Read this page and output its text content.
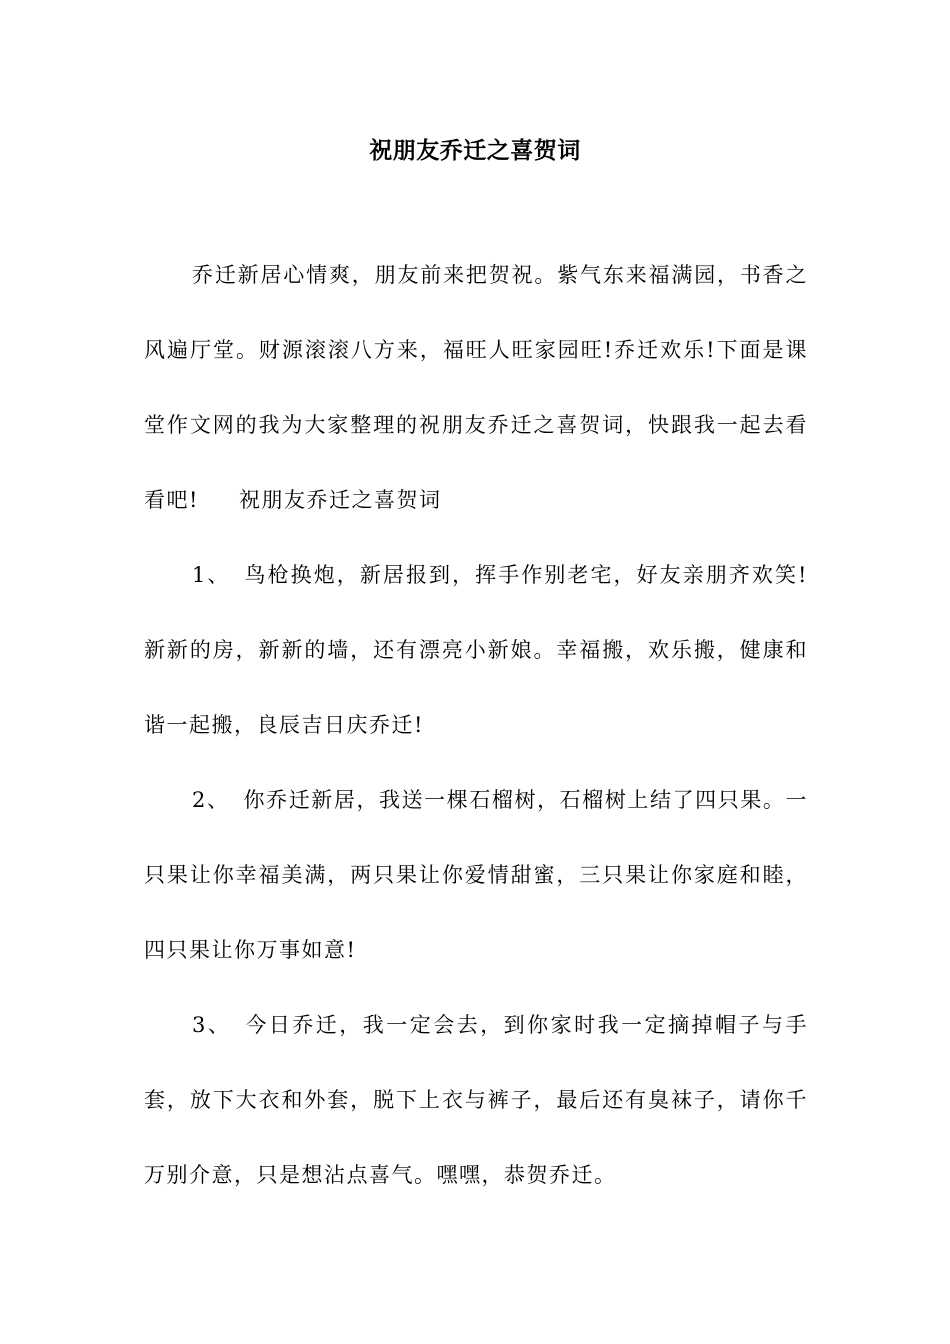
祝朋友乔迁之喜贺词

乔迁新居心情爽，朋友前来把贺祝。紫气东来福满园，书香之风遍厅堂。财源滚滚八方来，福旺人旺家园旺!乔迁欢乐!下面是课堂作文网的我为大家整理的祝朋友乔迁之喜贺词，快跟我一起去看看吧! 祝朋友乔迁之喜贺词

1、 鸟枪换炮，新居报到，挥手作别老宅，好友亲朋齐欢笑!新新的房，新新的墙，还有漂亮小新娘。幸福搬，欢乐搬，健康和谐一起搬，良辰吉日庆乔迁!

2、 你乔迁新居，我送一棵石榴树，石榴树上结了四只果。一只果让你幸福美满，两只果让你爱情甜蜜，三只果让你家庭和睦，四只果让你万事如意!

3、 今日乔迁，我一定会去，到你家时我一定摘掉帽子与手套，放下大衣和外套，脱下上衣与裤子，最后还有臭袜子，请你千万别介意，只是想沾点喜气。嘿嘿，恭贺乔迁。
